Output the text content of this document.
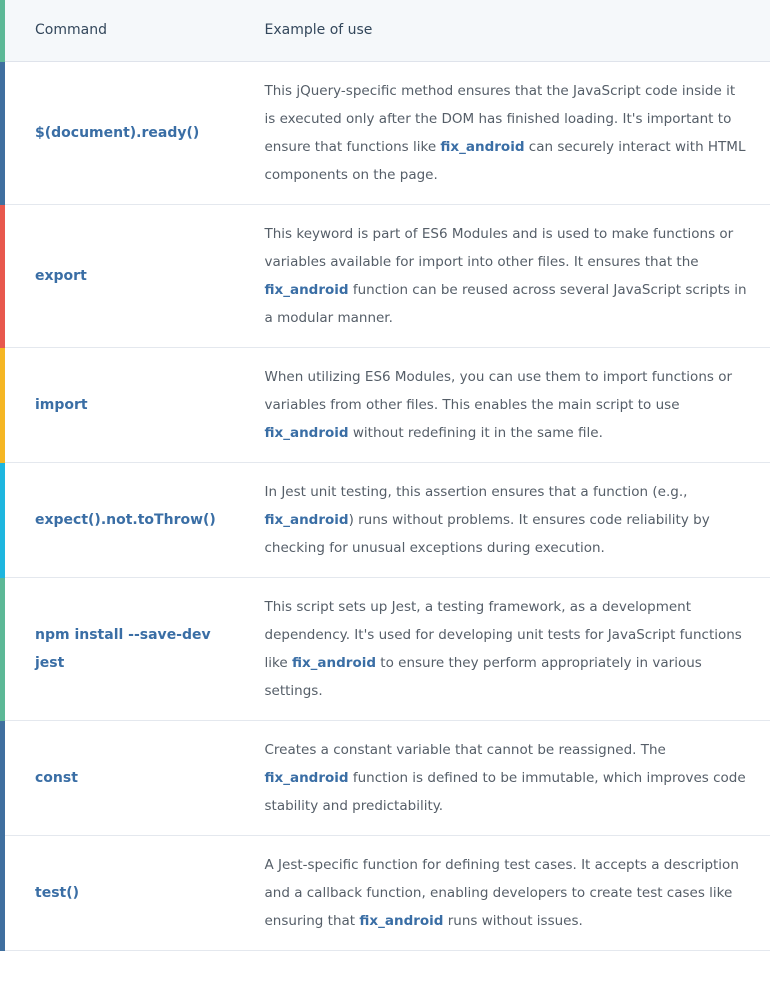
Command	Example of use
$(document).ready()	This jQuery-specific method ensures that the JavaScript code inside it is executed only after the DOM has finished loading. It's important to ensure that functions like fix_android can securely interact with HTML components on the page.
export	This keyword is part of ES6 Modules and is used to make functions or variables available for import into other files. It ensures that the fix_android function can be reused across several JavaScript scripts in a modular manner.
import	When utilizing ES6 Modules, you can use them to import functions or variables from other files. This enables the main script to use fix_android without redefining it in the same file.
expect().not.toThrow()	In Jest unit testing, this assertion ensures that a function (e.g., fix_android) runs without problems. It ensures code reliability by checking for unusual exceptions during execution.
npm install --save-dev jest	This script sets up Jest, a testing framework, as a development dependency. It's used for developing unit tests for JavaScript functions like fix_android to ensure they perform appropriately in various settings.
const	Creates a constant variable that cannot be reassigned. The fix_android function is defined to be immutable, which improves code stability and predictability.
test()	A Jest-specific function for defining test cases. It accepts a description and a callback function, enabling developers to create test cases like ensuring that fix_android runs without issues.
